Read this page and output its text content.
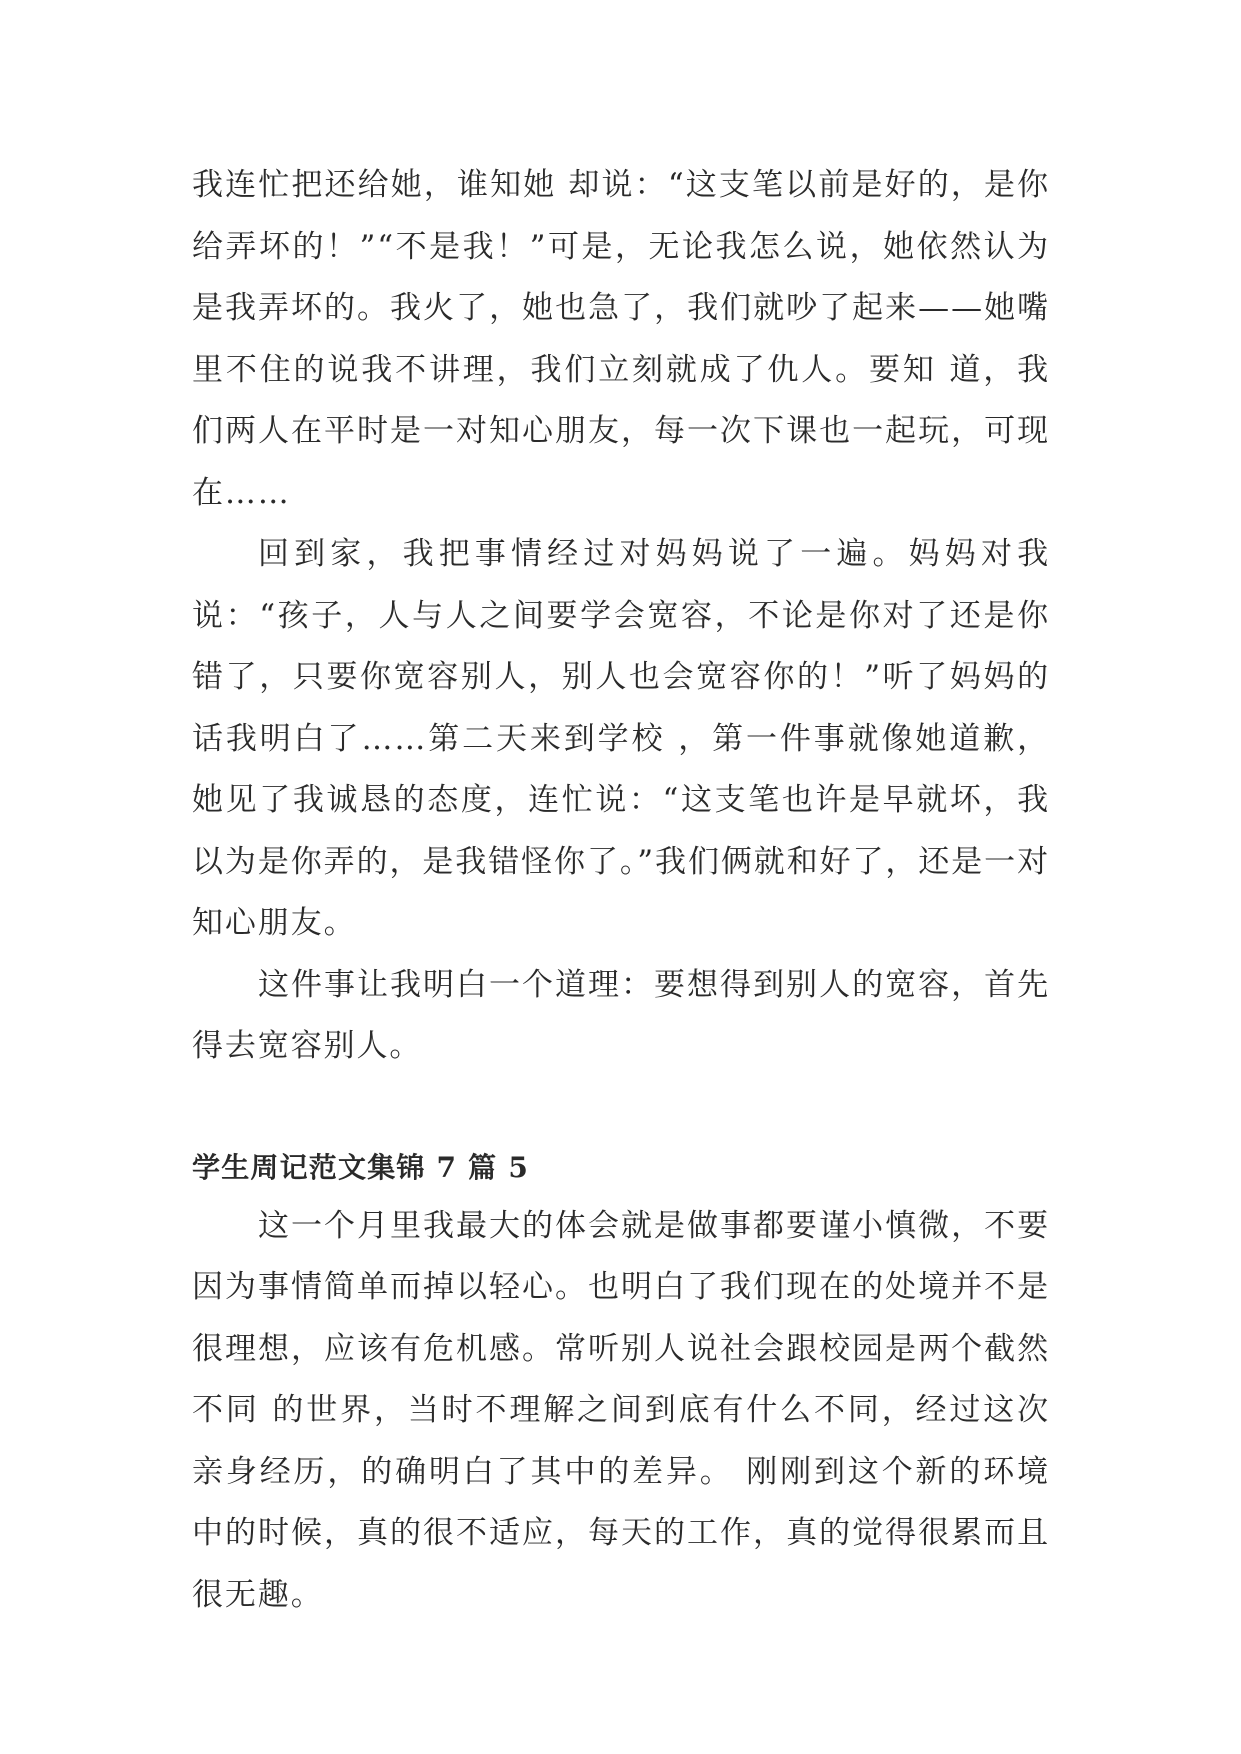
我连忙把还给她，谁知她 却说：“这支笔以前是好的，是你给弄坏的！”“不是我！”可是，无论我怎么说，她依然认为是我弄坏的。我火了，她也急了，我们就吵了起来——她嘴里不住的说我不讲理，我们立刻就成了仇人。要知 道，我们两人在平时是一对知心朋友，每一次下课也一起玩，可现在……

回到家，我把事情经过对妈妈说了一遍。妈妈对我说：“孩子，人与人之间要学会宽容，不论是你对了还是你错了，只要你宽容别人，别人也会宽容你的！”听了妈妈的话我明白了……第二天来到学校 ，第一件事就像她道歉，她见了我诚恳的态度，连忙说：“这支笔也许是早就坏，我以为是你弄的，是我错怪你了。”我们俩就和好了，还是一对知心朋友。

这件事让我明白一个道理：要想得到别人的宽容，首先得去宽容别人。

学生周记范文集锦 7 篇 5

这一个月里我最大的体会就是做事都要谨小慎微，不要因为事情简单而掉以轻心。也明白了我们现在的处境并不是很理想，应该有危机感。常听别人说社会跟校园是两个截然不同 的世界，当时不理解之间到底有什么不同，经过这次亲身经历，的确明白了其中的差异。 刚刚到这个新的环境中的时候，真的很不适应，每天的工作，真的觉得很累而且很无趣。
